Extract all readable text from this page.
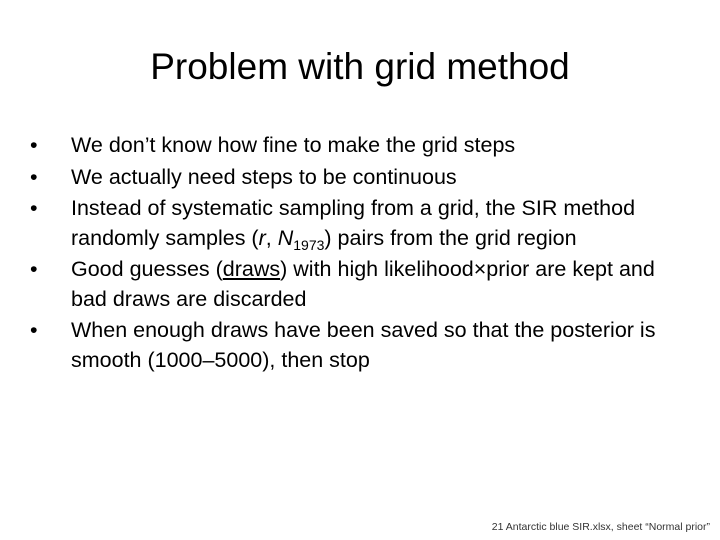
Problem with grid method
•	We don’t know how fine to make the grid steps
•	We actually need steps to be continuous
•	Instead of systematic sampling from a grid, the SIR method randomly samples (r, $N_{1973}$) pairs from the grid region
•	Good guesses (draws) with high likelihood×prior are kept and bad draws are discarded
•	When enough draws have been saved so that the posterior is smooth (1000–5000), then stop
21 Antarctic blue SIR.xlsx, sheet “Normal prior”
